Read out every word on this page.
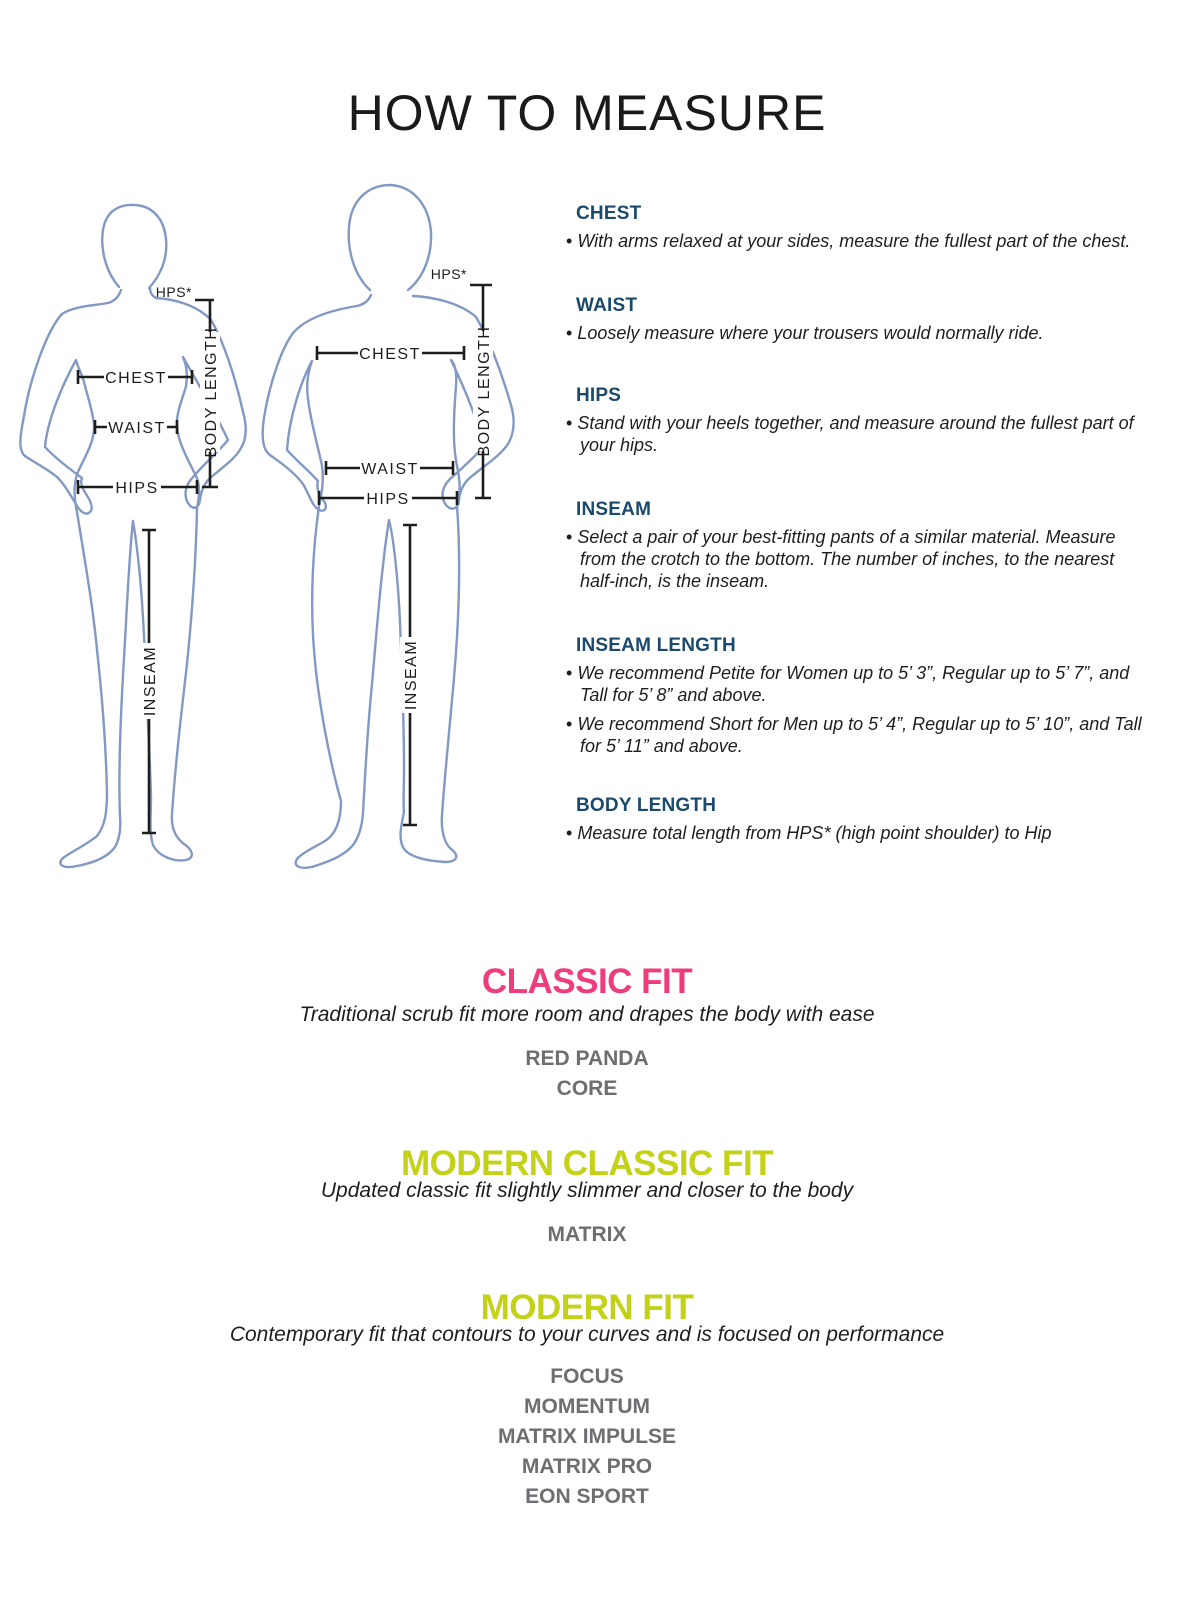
HOW TO MEASURE
CHEST
WAIST
HIPS
BODY LENGTH
HPS*
INSEAM
CHEST
WAIST
HIPS
BODY LENGTH
HPS*
INSEAM
CHEST
• With arms relaxed at your sides, measure the fullest part of the chest.
WAIST
• Loosely measure where your trousers would normally ride.
HIPS
• Stand with your heels together, and measure around the fullest part of your hips.
INSEAM
• Select a pair of your best-fitting pants of a similar material. Measure from the crotch to the bottom. The number of inches, to the nearest half-inch, is the inseam.
INSEAM LENGTH
• We recommend Petite for Women up to 5’ 3”, Regular up to 5’ 7”, and Tall for 5’ 8” and above.
• We recommend Short for Men up to 5’ 4”, Regular up to 5’ 10”, and Tall for 5’ 11” and above.
BODY LENGTH
• Measure total length from HPS* (high point shoulder) to Hip
CLASSIC FIT
Traditional scrub fit more room and drapes the body with ease
RED PANDA
CORE
MODERN CLASSIC FIT
Updated classic fit slightly slimmer and closer to the body
MATRIX
MODERN FIT
Contemporary fit that contours to your curves and is focused on performance
FOCUS
MOMENTUM
MATRIX IMPULSE
MATRIX PRO
EON SPORT
